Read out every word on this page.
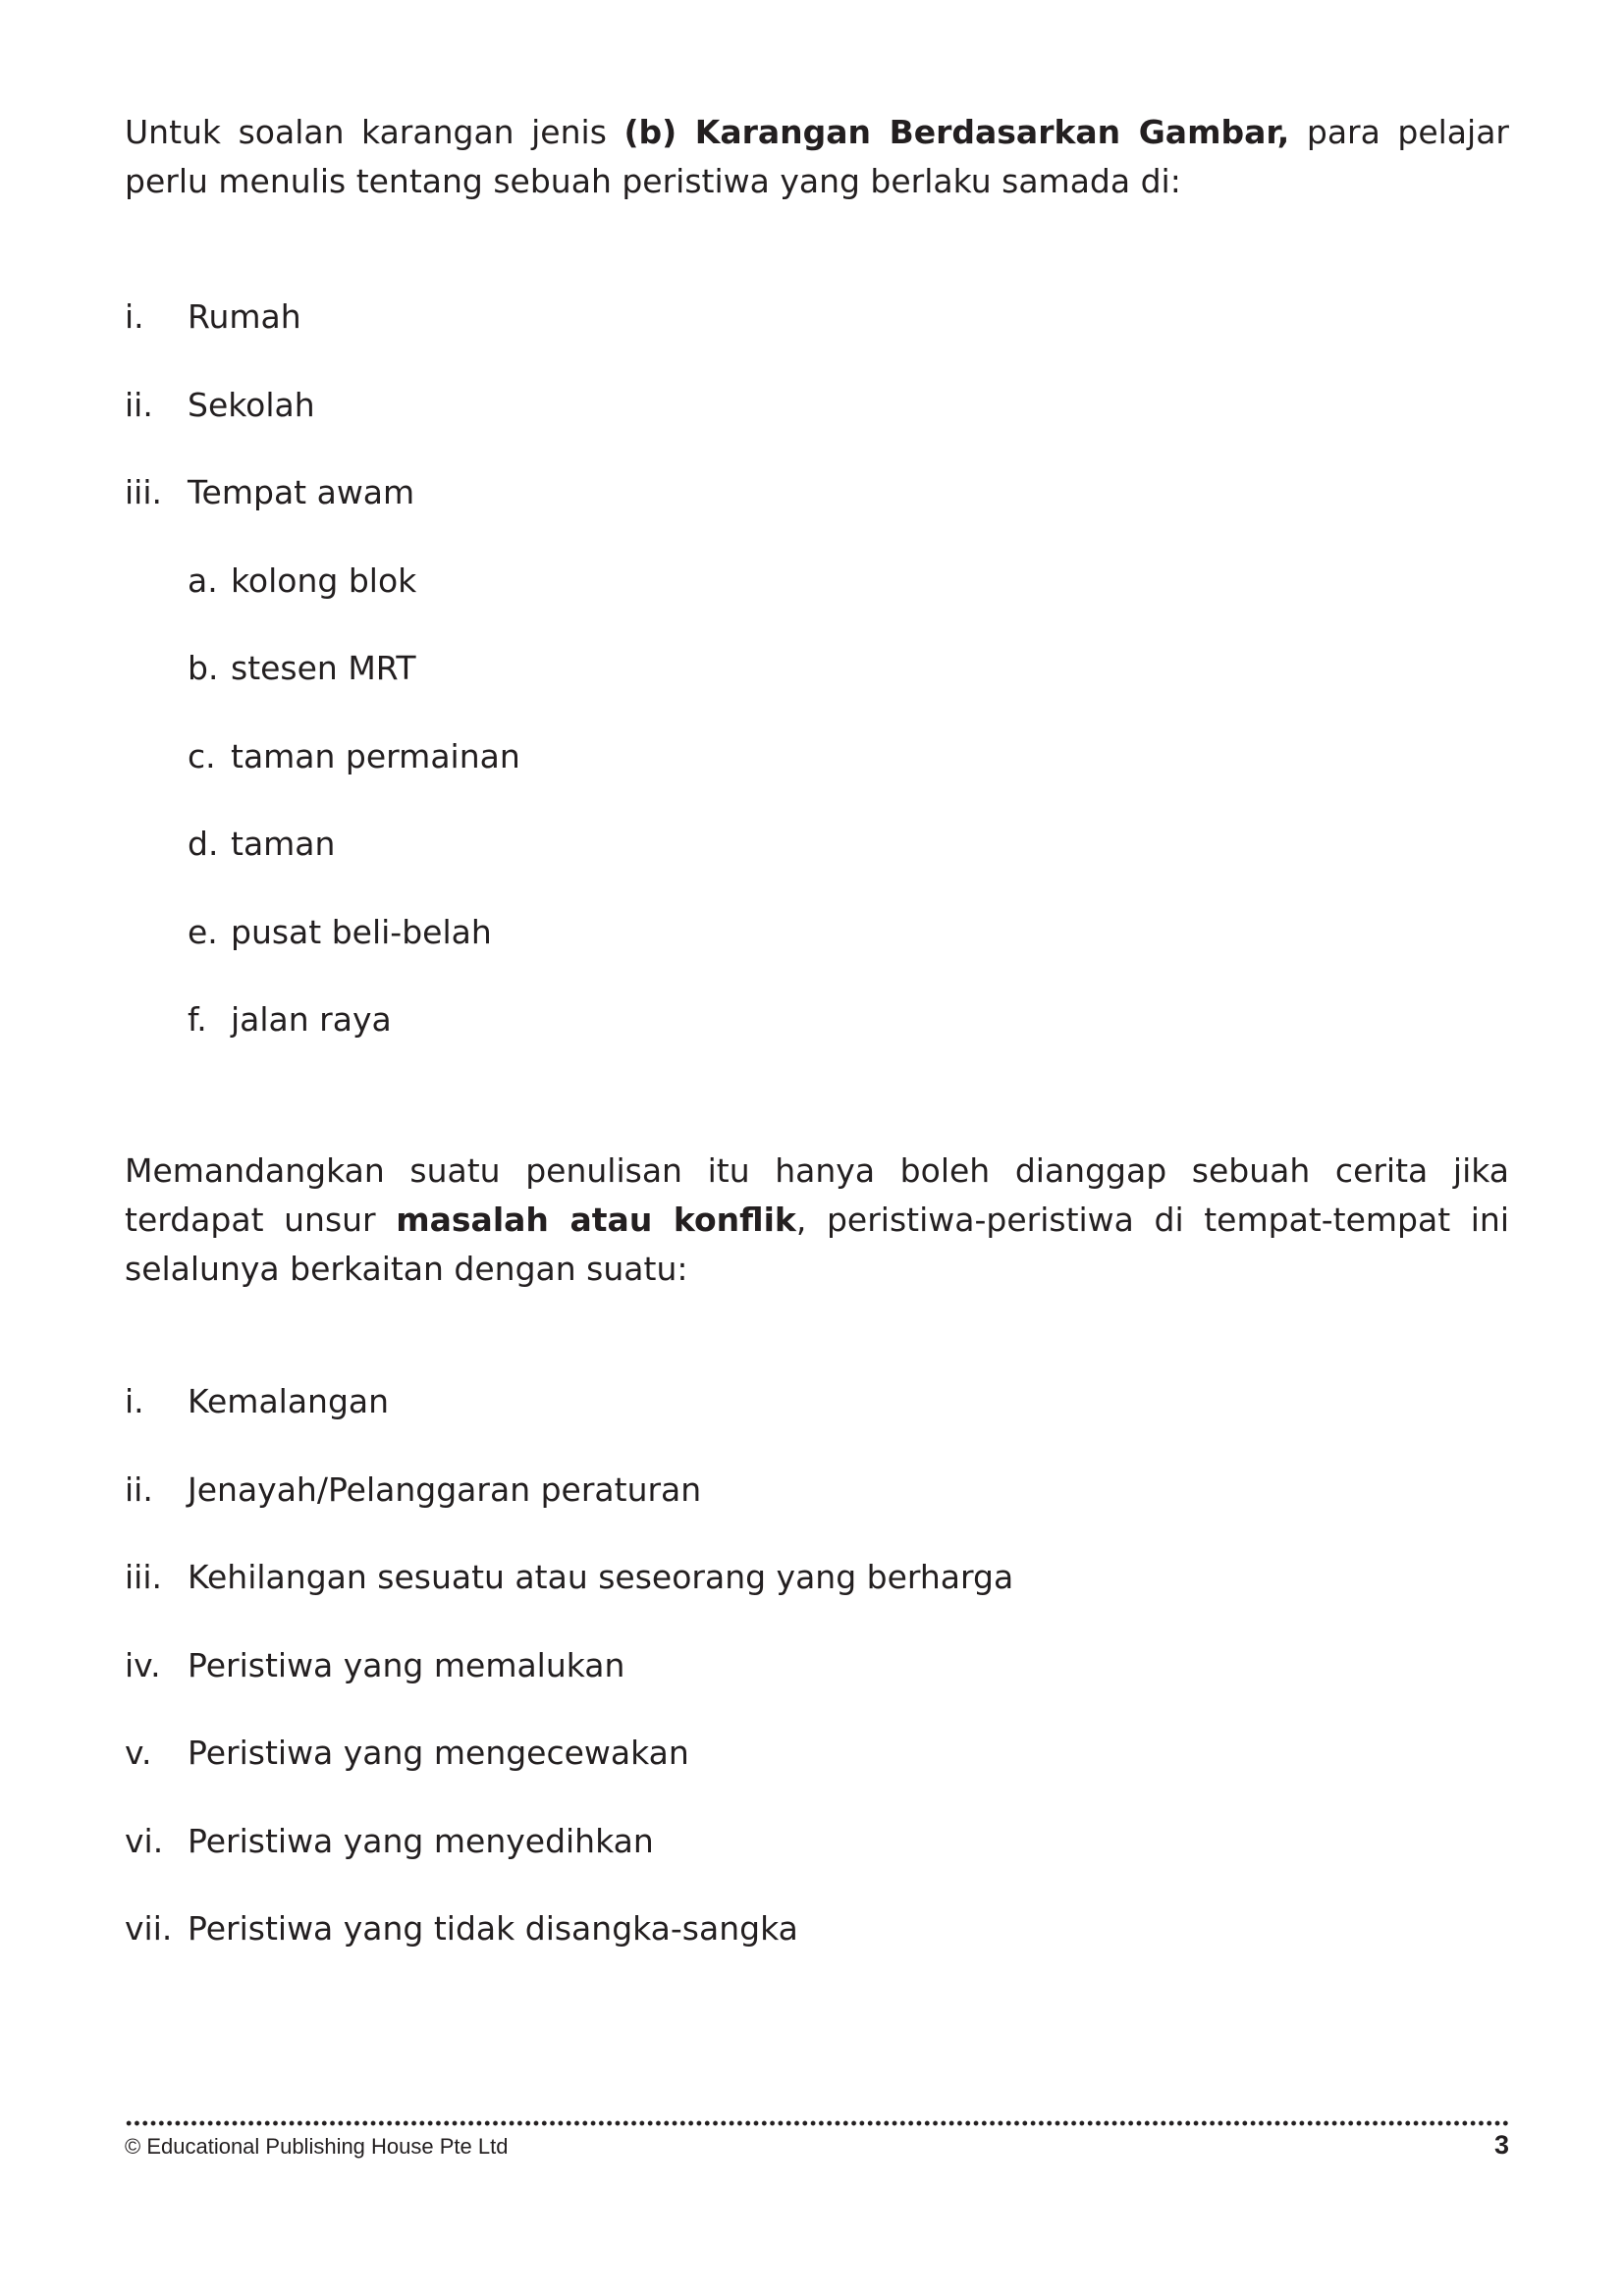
Untuk soalan karangan jenis (b) Karangan Berdasarkan Gambar, para pelajar perlu menulis tentang sebuah peristiwa yang berlaku samada di:

i.	Rumah
ii.	Sekolah
iii. Tempat awam
a. kolong blok
b. stesen MRT
c. taman permainan
d. taman
e. pusat beli-belah
f. jalan raya

Memandangkan suatu penulisan itu hanya boleh dianggap sebuah cerita jika terdapat unsur masalah atau konflik, peristiwa-peristiwa di tempat-tempat ini selalunya berkaitan dengan suatu:

i.	Kemalangan
ii.	Jenayah/Pelanggaran peraturan
iii. Kehilangan sesuatu atau seseorang yang berharga
iv. Peristiwa yang memalukan
v.	Peristiwa yang mengecewakan
vi. Peristiwa yang menyedihkan
vii. Peristiwa yang tidak disangka-sangka
© Educational Publishing House Pte Ltd	3
